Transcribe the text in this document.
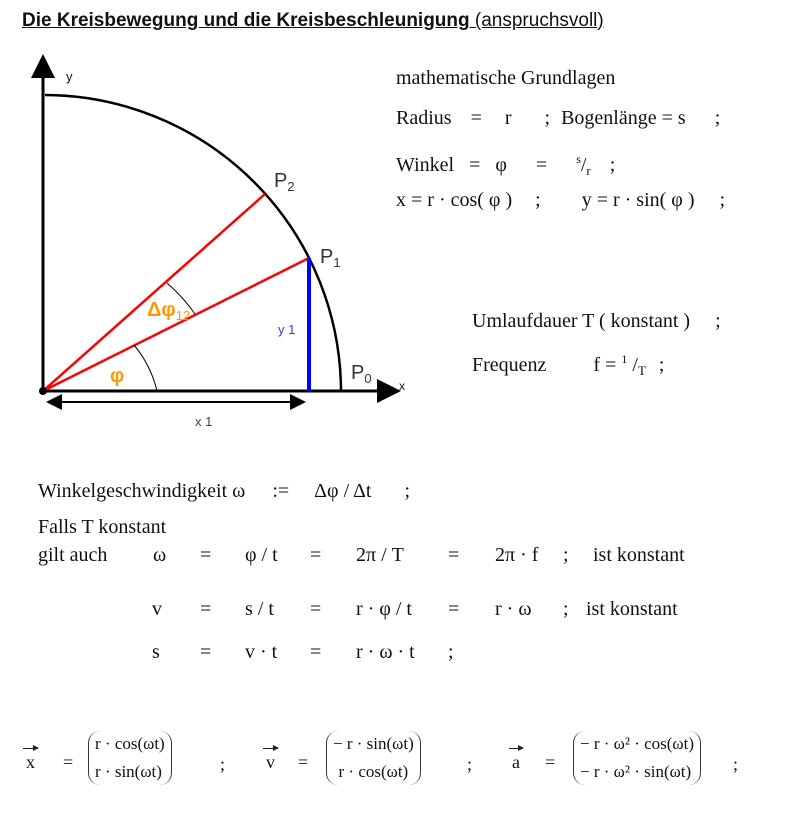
Die Kreisbewegung und die Kreisbeschleunigung (anspruchsvoll)
y
x
$P_2$
$P_1$
$P_0$
$\Delta\varphi_{12}$
φ
y 1
x 1
mathematische Grundlagen
Radius = r ; Bogenlänge = s ;
Winkel = $\varphi = ^s/_r$ ;
x = r · cos( φ ) ; y = r · sin( φ ) ;
Umlaufdauer T ( konstant ) ;
Frequenz f = $^1$ $/_T$ ;
Winkelgeschwindigkeit ω := Δφ / Δt ;
Falls T konstant
gilt auch ω = φ / t = 2π / T = 2π · f ; ist konstant
v = s / t = r · φ / t = r · ω ; ist konstant
s = v · t = r · ω · t ;
x =
r · cos(ωt)
r · sin(ωt)	; v =
− r · sin(ωt)
r · cos(ωt)	; a =
− r · ω² · cos(ωt)
− r · ω² · sin(ωt) ;
